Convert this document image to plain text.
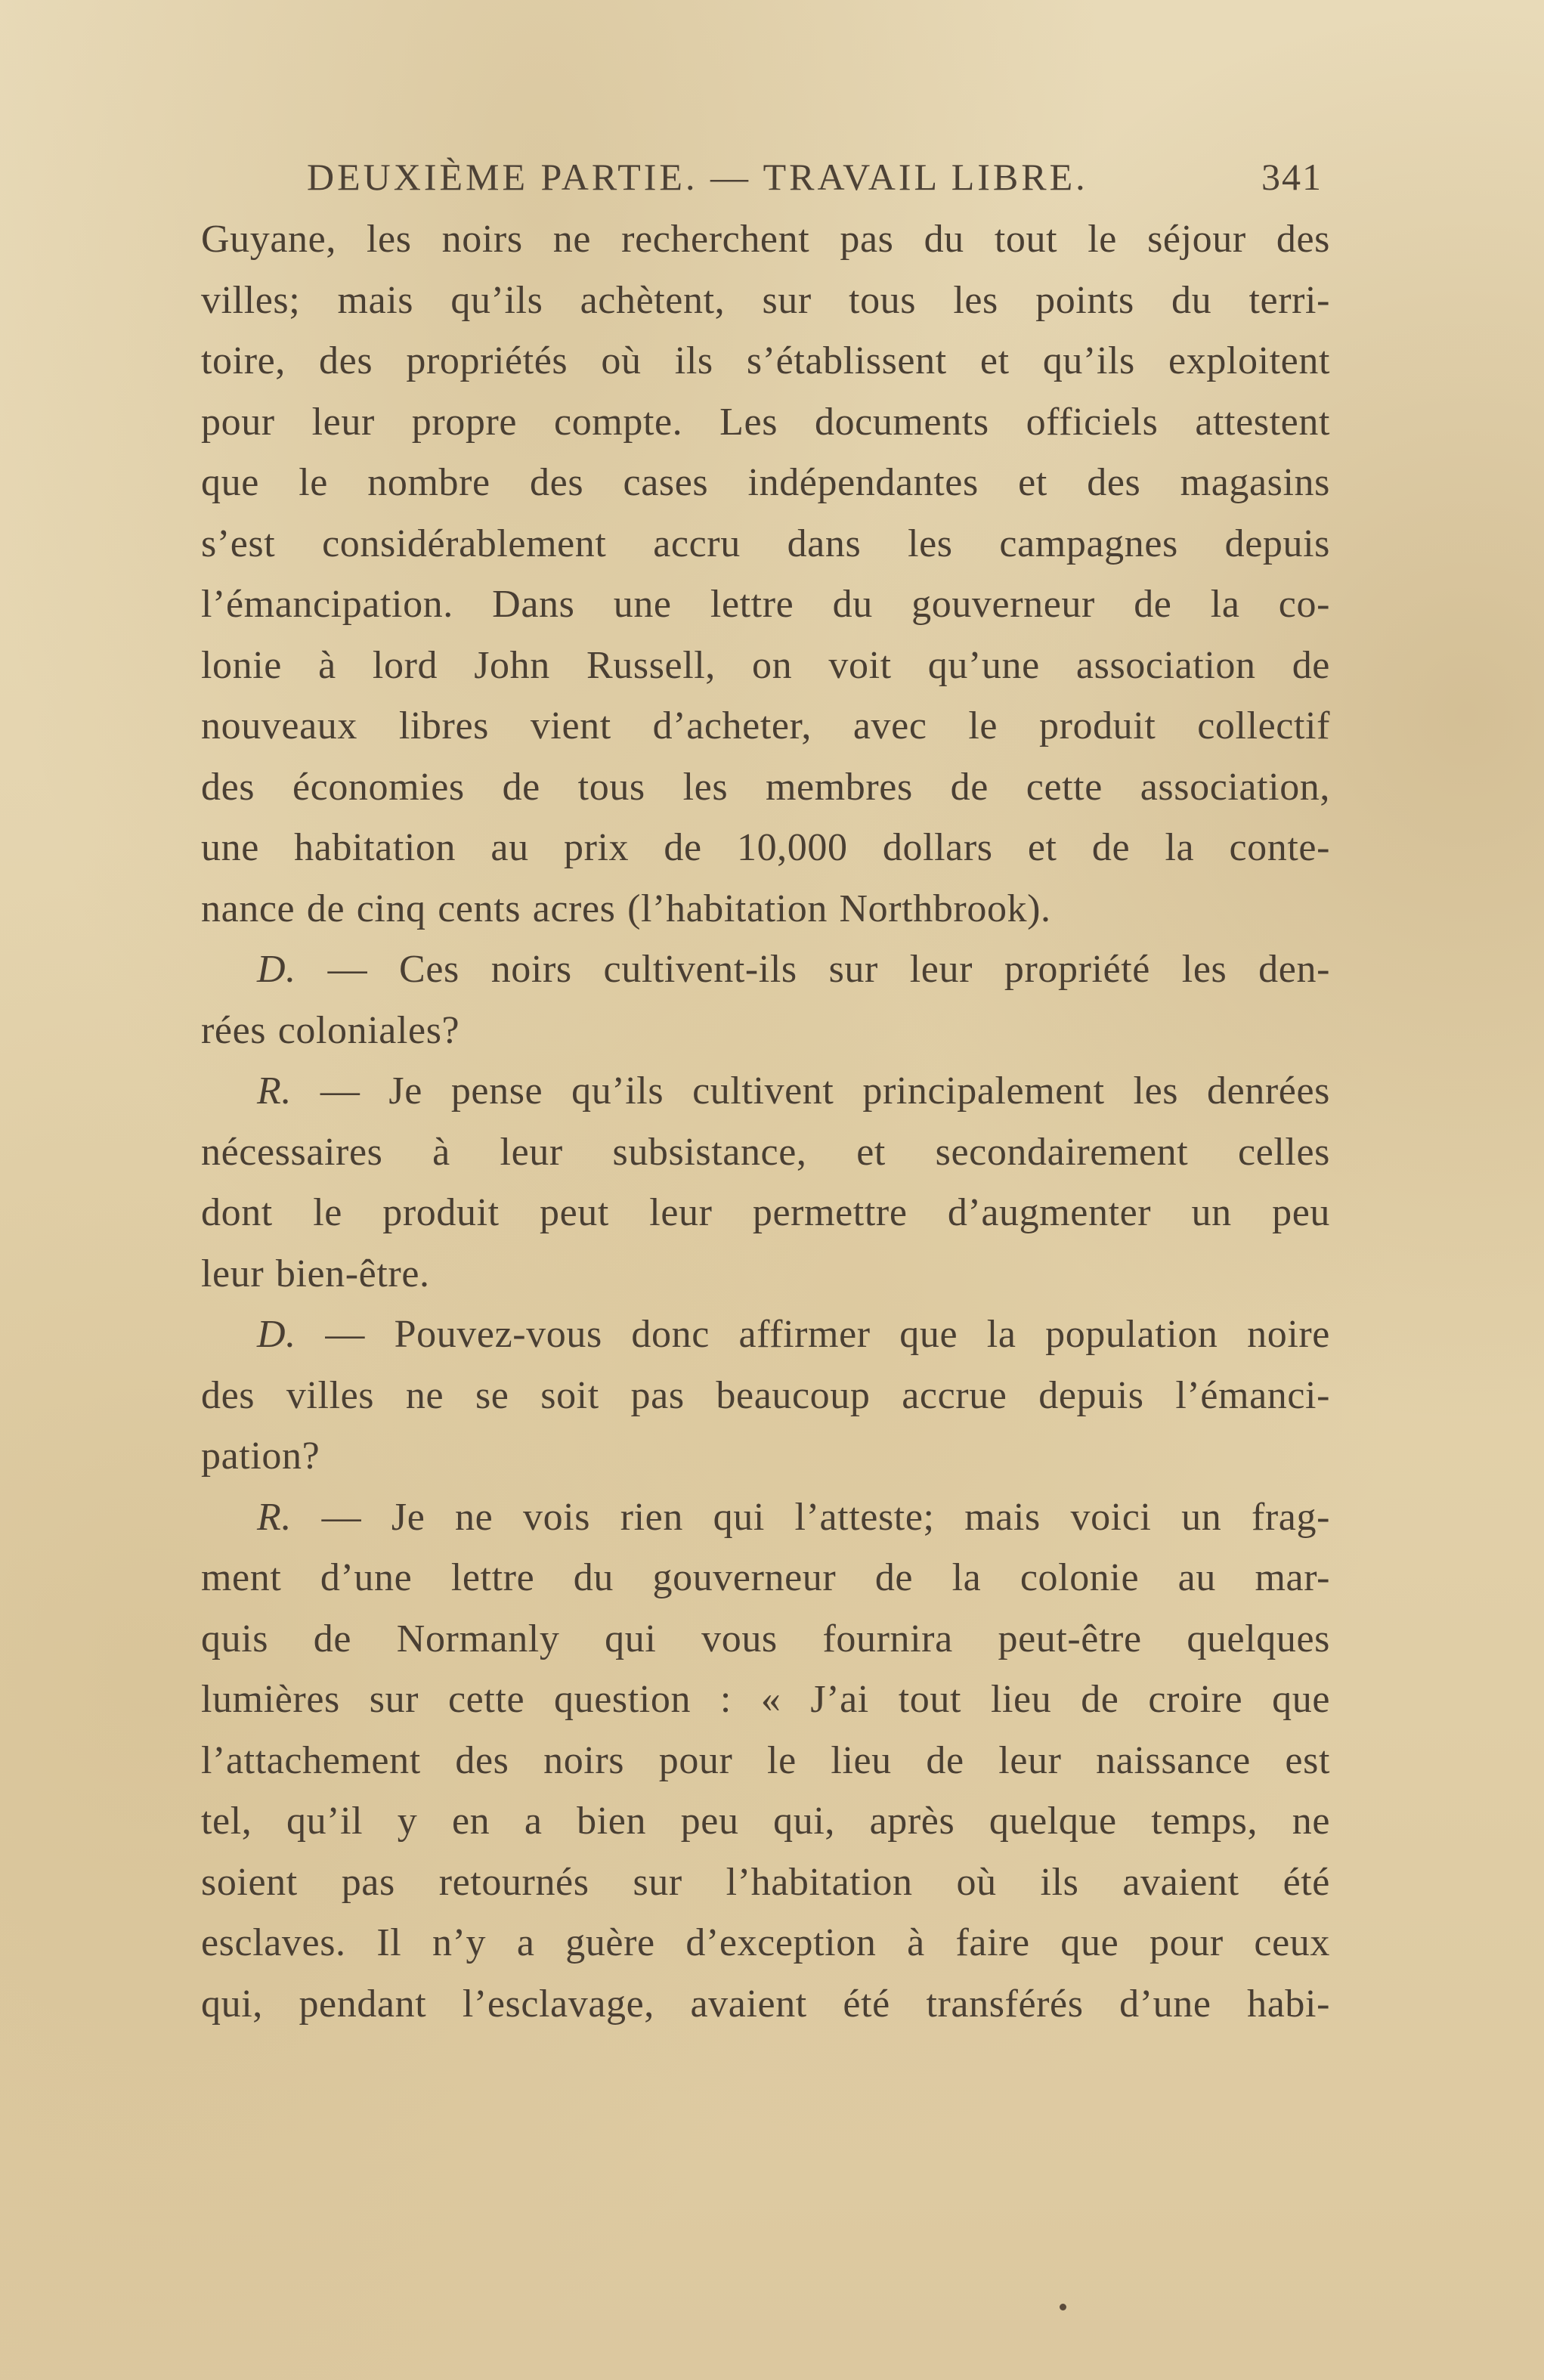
DEUXIÈME PARTIE. — TRAVAIL LIBRE.	341
Guyane, les noirs ne recherchent pas du tout le séjour des
villes; mais qu’ils achètent, sur tous les points du terri-
toire, des propriétés où ils s’établissent et qu’ils exploitent
pour leur propre compte. Les documents officiels attestent
que le nombre des cases indépendantes et des magasins
s’est considérablement accru dans les campagnes depuis
l’émancipation. Dans une lettre du gouverneur de la co-
lonie à lord John Russell, on voit qu’une association de
nouveaux libres vient d’acheter, avec le produit collectif
des économies de tous les membres de cette association,
une habitation au prix de 10,000 dollars et de la conte-
nance de cinq cents acres (l’habitation Northbrook).
D. — Ces noirs cultivent-ils sur leur propriété les den-
rées coloniales?
R. — Je pense qu’ils cultivent principalement les denrées
nécessaires à leur subsistance, et secondairement celles
dont le produit peut leur permettre d’augmenter un peu
leur bien-être.
D. — Pouvez-vous donc affirmer que la population noire
des villes ne se soit pas beaucoup accrue depuis l’émanci-
pation?
R. — Je ne vois rien qui l’atteste; mais voici un frag-
ment d’une lettre du gouverneur de la colonie au mar-
quis de Normanly qui vous fournira peut-être quelques
lumières sur cette question : « J’ai tout lieu de croire que
l’attachement des noirs pour le lieu de leur naissance est
tel, qu’il y en a bien peu qui, après quelque temps, ne
soient pas retournés sur l’habitation où ils avaient été
esclaves. Il n’y a guère d’exception à faire que pour ceux
qui, pendant l’esclavage, avaient été transférés d’une habi-
